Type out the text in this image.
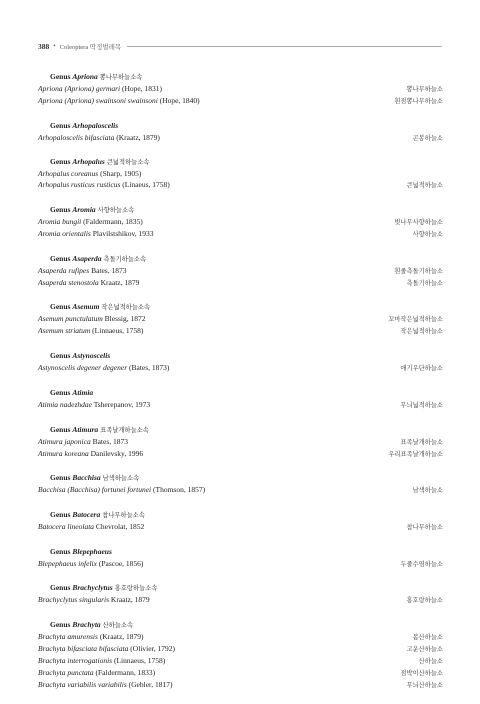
388 • Coleoptera 딱정벌레목
Genus Apriona 뽕나무하늘소속
Apriona (Apriona) germari (Hope, 1831)	뽕나무하늘소
Apriona (Apriona) swainsoni swainsoni (Hope, 1840)	흰점뽕나무하늘소
Genus Arhopaloscelis
Arhopaloscelis bifasciata (Kraatz, 1879)	곤봉하늘소
Genus Arhopalus 큰넓적하늘소속
Arhopalus coreanus (Sharp, 1905)
Arhopalus rusticus rusticus (Linaeus, 1758)	큰넓적하늘소
Genus Aromia 사향하늘소속
Aromia bungii (Faldermann, 1835)	벚나무사향하늘소
Aromia orientalis Plavilstshikov, 1933	사향하늘소
Genus Asaperda 측돌기하늘소속
Asaperda rufipes Bates, 1873	흰줄측돌기하늘소
Asaperda stenostola Kraatz, 1879	측돌기하늘소
Genus Asemum 작은넓적하늘소속
Asemum punctulatum Blessig, 1872	꼬마작은넓적하늘소
Asemum striatum (Linnaeus, 1758)	작은넓적하늘소
Genus Astynoscelis
Astynoscelis degener degener (Bates, 1873)	애기우단하늘소
Genus Atimia
Atimia nadezhdae Tsherepanov, 1973	무늬넓적하늘소
Genus Atimura 표족날개하늘소속
Atimura japonica Bates, 1873	표족날개하늘소
Atimura koreana Danilevsky, 1996	우리표족날개하늘소
Genus Bacchisa 남색하늘소속
Bacchisa (Bacchisa) fortunei fortunei (Thomson, 1857)	남색하늘소
Genus Batocera 참나무하늘소속
Batocera lineolata Chevrolat, 1852	참나무하늘소
Genus Blepephaeus
Blepephaeus infelix (Pascoe, 1856)	두줄수염하늘소
Genus Brachyclytus 홍호랑하늘소속
Brachyclytus singularis Kraatz, 1879	홍호랑하늘소
Genus Brachyta 산하늘소속
Brachyta amurensis (Kraatz, 1879)	봄산하늘소
Brachyta bifasciata bifasciata (Olivier, 1792)	고운산하늘소
Brachyta interrogationis (Linnaeus, 1758)	산하늘소
Brachyta punctata (Faldermann, 1833)	점박이산하늘소
Brachyta variabilis variabilis (Gebler, 1817)	무늬산하늘소
